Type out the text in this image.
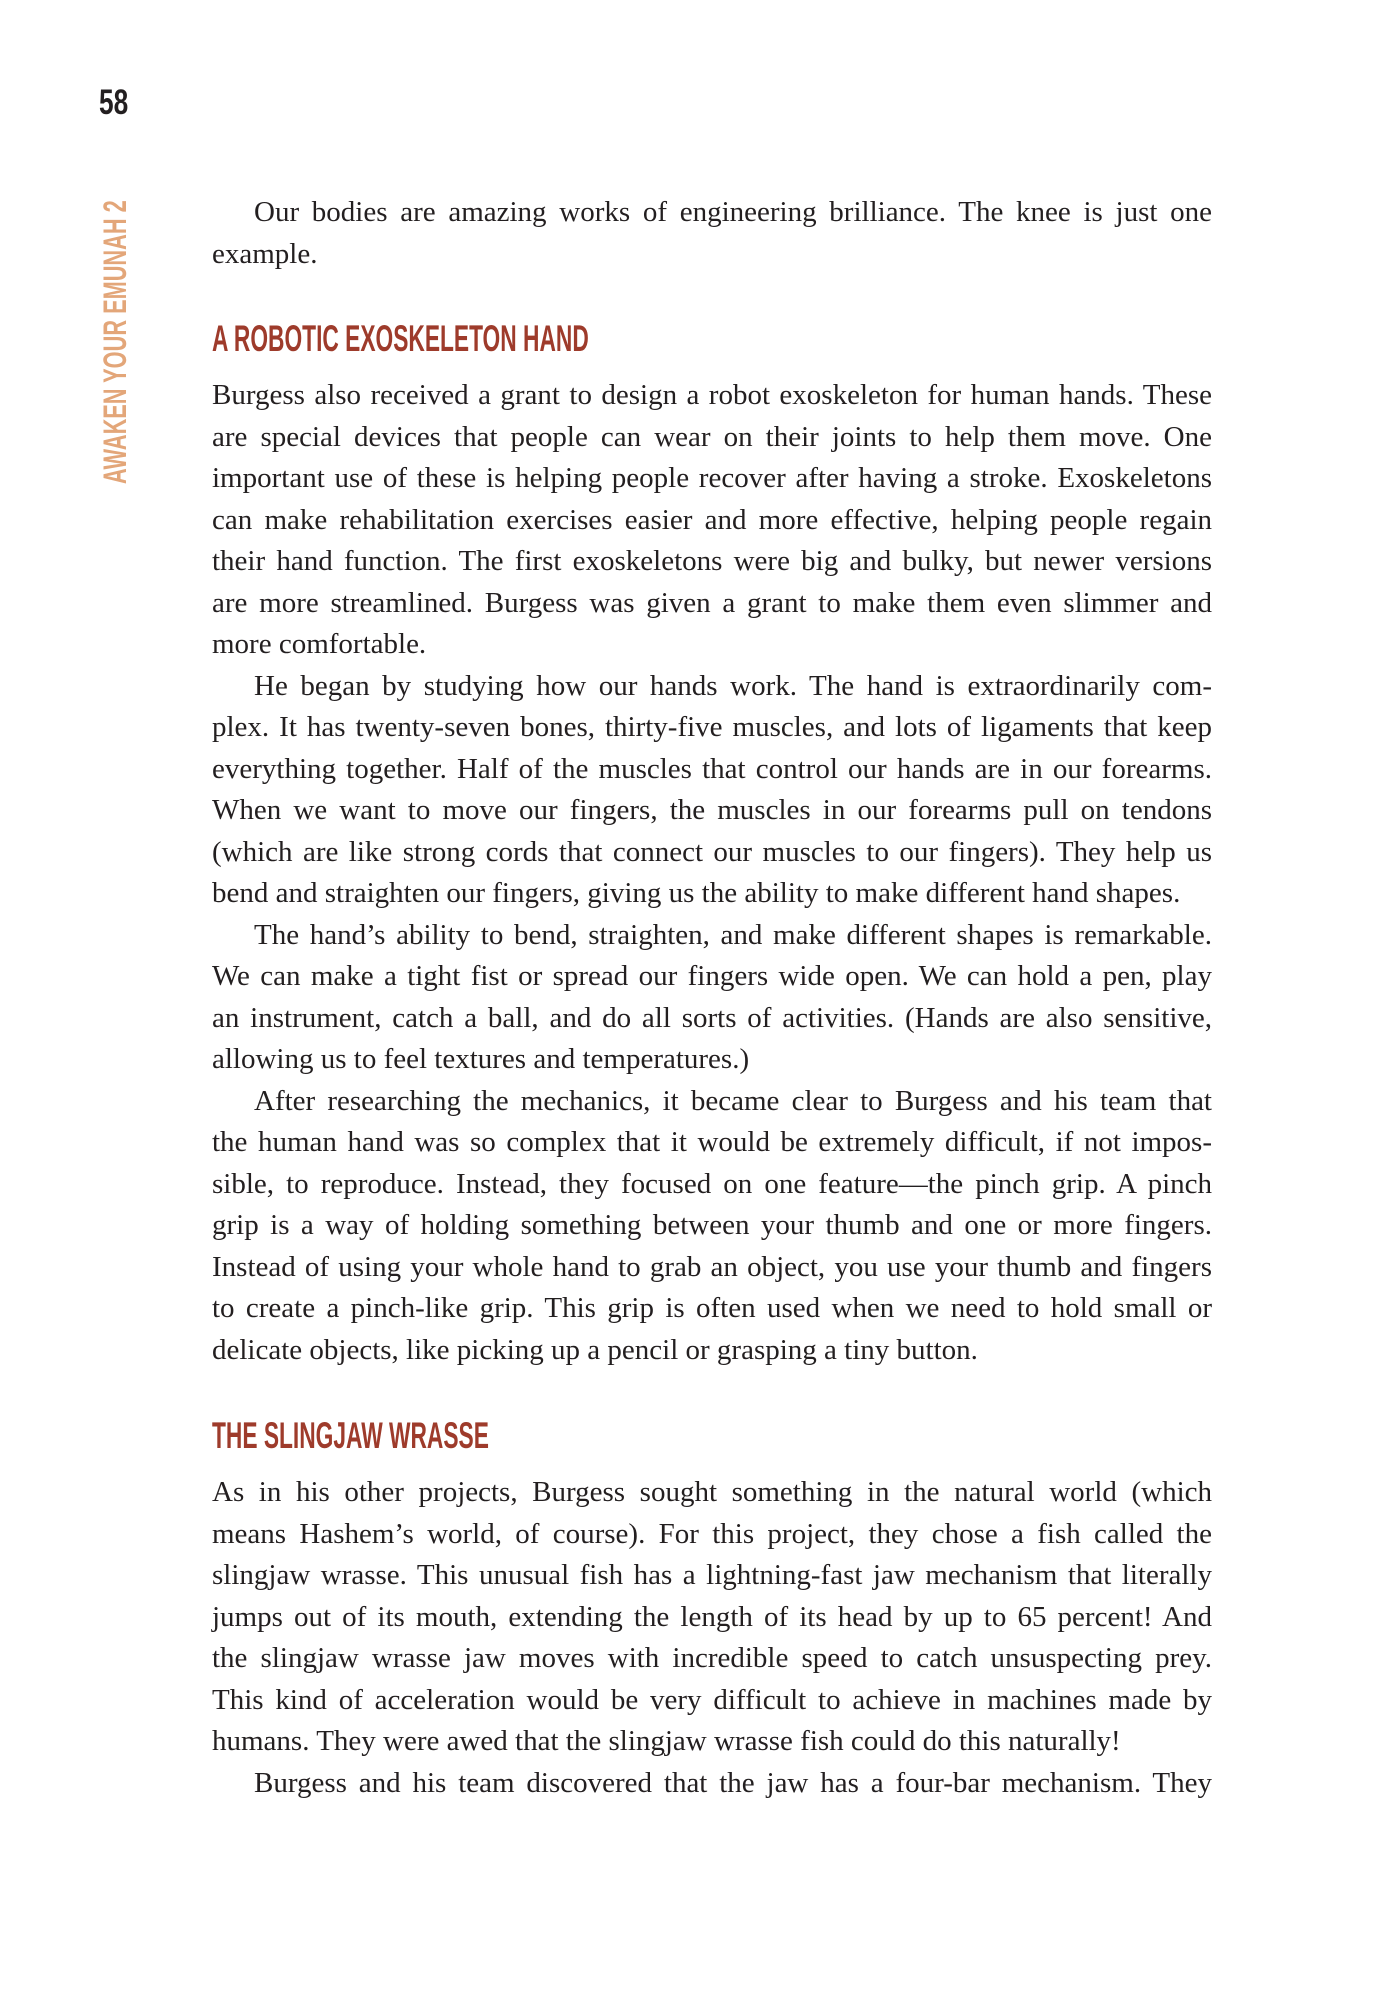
58
AWAKEN YOUR EMUNAH 2	Our bodies are amazing works of engineering brilliance. The knee is just one
example.
A ROBOTIC EXOSKELETON HAND
Burgess also received a grant to design a robot exoskeleton for human hands. These
are special devices that people can wear on their joints to help them move. One
important use of these is helping people recover after having a stroke. Exoskeletons
can make rehabilitation exercises easier and more effective, helping people regain
their hand function. The first exoskeletons were big and bulky, but newer versions
are more streamlined. Burgess was given a grant to make them even slimmer and
more comfortable.
He began by studying how our hands work. The hand is extraordinarily com-
plex. It has twenty-seven bones, thirty-five muscles, and lots of ligaments that keep
everything together. Half of the muscles that control our hands are in our forearms.
When we want to move our fingers, the muscles in our forearms pull on tendons
(which are like strong cords that connect our muscles to our fingers). They help us
bend and straighten our fingers, giving us the ability to make different hand shapes.
The hand’s ability to bend, straighten, and make different shapes is remarkable.
We can make a tight fist or spread our fingers wide open. We can hold a pen, play
an instrument, catch a ball, and do all sorts of activities. (Hands are also sensitive,
allowing us to feel textures and temperatures.)
After researching the mechanics, it became clear to Burgess and his team that
the human hand was so complex that it would be extremely difficult, if not impos-
sible, to reproduce. Instead, they focused on one feature—the pinch grip. A pinch
grip is a way of holding something between your thumb and one or more fingers.
Instead of using your whole hand to grab an object, you use your thumb and fingers
to create a pinch-like grip. This grip is often used when we need to hold small or
delicate objects, like picking up a pencil or grasping a tiny button.
THE SLINGJAW WRASSE
As in his other projects, Burgess sought something in the natural world (which
means Hashem’s world, of course). For this project, they chose a fish called the
slingjaw wrasse. This unusual fish has a lightning-fast jaw mechanism that literally
jumps out of its mouth, extending the length of its head by up to 65 percent! And
the slingjaw wrasse jaw moves with incredible speed to catch unsuspecting prey.
This kind of acceleration would be very difficult to achieve in machines made by
humans. They were awed that the slingjaw wrasse fish could do this naturally!
Burgess and his team discovered that the jaw has a four-bar mechanism. They
